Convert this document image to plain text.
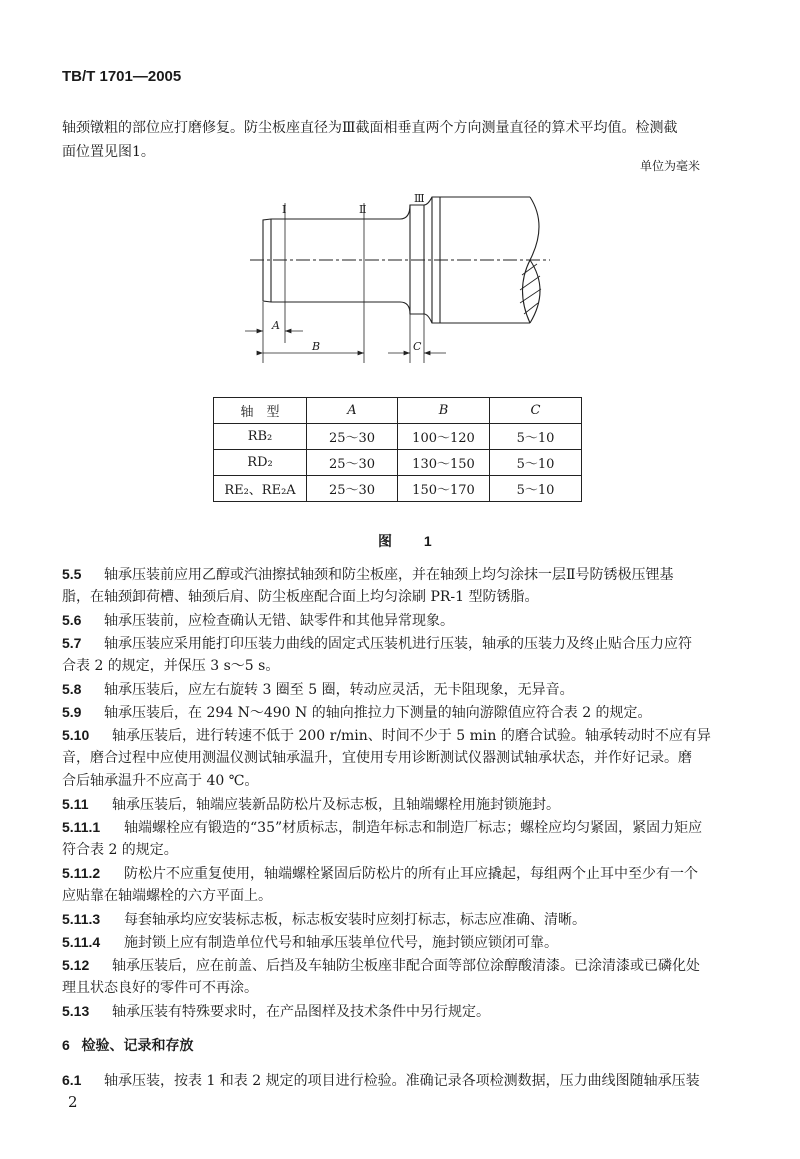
TB/T 1701—2005
轴颈镦粗的部位应打磨修复。防尘板座直径为Ⅲ截面相垂直两个方向测量直径的算术平均值。检测截
面位置见图1。
单位为毫米
Ⅰ	Ⅱ
Ⅲ
A
B	C
轴　型	A	B	C
RB₂	25～30	100～120	5～10
RD₂	25～30	130～150	5～10
RE₂、RE₂A	25～30	150～170	5～10
图 1
5.5 轴承压装前应用乙醇或汽油擦拭轴颈和防尘板座，并在轴颈上均匀涂抹一层Ⅱ号防锈极压锂基
脂，在轴颈卸荷槽、轴颈后肩、防尘板座配合面上均匀涂刷 PR-1 型防锈脂。
5.6 轴承压装前，应检查确认无错、缺零件和其他异常现象。
5.7 轴承压装应采用能打印压装力曲线的固定式压装机进行压装，轴承的压装力及终止贴合压力应符
合表 2 的规定，并保压 3 s～5 s。
5.8 轴承压装后，应左右旋转 3 圈至 5 圈，转动应灵活，无卡阻现象，无异音。
5.9 轴承压装后，在 294 N～490 N 的轴向推拉力下测量的轴向游隙值应符合表 2 的规定。
5.10 轴承压装后，进行转速不低于 200 r/min、时间不少于 5 min 的磨合试验。轴承转动时不应有异
音，磨合过程中应使用测温仪测试轴承温升，宜使用专用诊断测试仪器测试轴承状态，并作好记录。磨
合后轴承温升不应高于 40 ℃。
5.11 轴承压装后，轴端应装新品防松片及标志板，且轴端螺栓用施封锁施封。
5.11.1 轴端螺栓应有锻造的“35”材质标志，制造年标志和制造厂标志；螺栓应均匀紧固，紧固力矩应
符合表 2 的规定。
5.11.2 防松片不应重复使用，轴端螺栓紧固后防松片的所有止耳应撬起，每组两个止耳中至少有一个
应贴靠在轴端螺栓的六方平面上。
5.11.3 每套轴承均应安装标志板，标志板安装时应刻打标志，标志应准确、清晰。
5.11.4 施封锁上应有制造单位代号和轴承压装单位代号，施封锁应锁闭可靠。
5.12 轴承压装后，应在前盖、后挡及车轴防尘板座非配合面等部位涂醇酸清漆。已涂清漆或已磷化处
理且状态良好的零件可不再涂。
5.13 轴承压装有特殊要求时，在产品图样及技术条件中另行规定。
6 检验、记录和存放
6.1 轴承压装，按表 1 和表 2 规定的项目进行检验。准确记录各项检测数据，压力曲线图随轴承压装
2
